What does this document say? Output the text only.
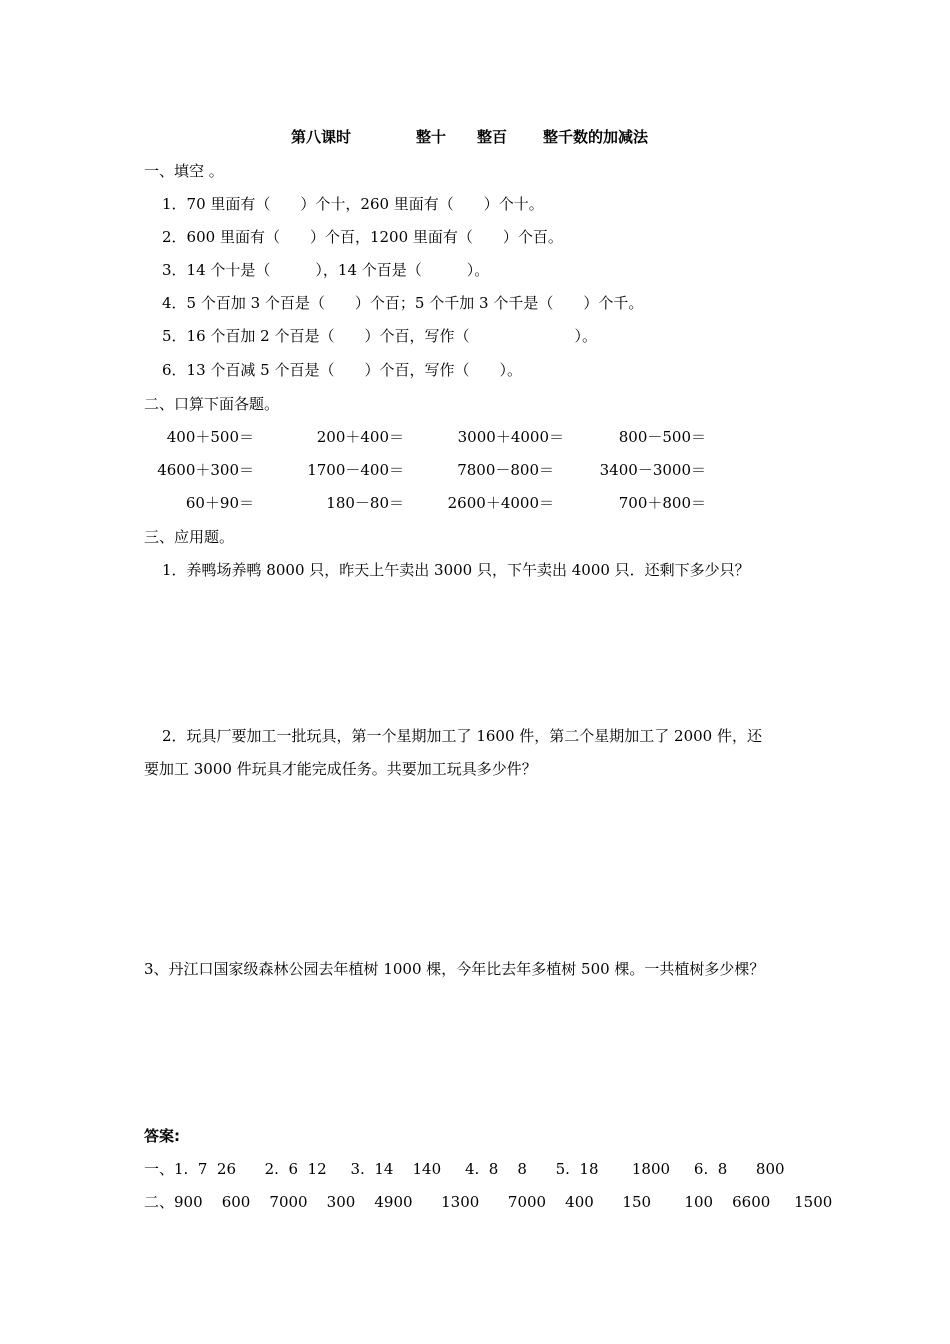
第八课时	整十 整百 整千数的加减法
一、填空 。
1．70 里面有（　　）个十，260 里面有（　　）个十。
2．600 里面有（　　）个百，1200 里面有（　　）个百。
3．14 个十是（　　　），14 个百是（　　　）。
4．5 个百加 3 个百是（　　）个百；5 个千加 3 个千是（　　）个千。
5．16 个百加 2 个百是（　　）个百，写作（　　　　　　　）。
6．13 个百减 5 个百是（　　）个百，写作（　　）。
二、口算下面各题。
400＋500＝	200＋400＝	3000＋4000＝	800－500＝
4600＋300＝	1700－400＝	7800－800＝	3400－3000＝
60＋90＝	180－80＝	2600＋4000＝	700＋800＝
三、应用题。
1．养鸭场养鸭 8000 只，昨天上午卖出 3000 只，下午卖出 4000 只．还剩下多少只？
2．玩具厂要加工一批玩具，第一个星期加工了 1600 件，第二个星期加工了 2000 件，还
要加工 3000 件玩具才能完成任务。共要加工玩具多少件？
3、丹江口国家级森林公园去年植树 1000 棵，今年比去年多植树 500 棵。一共植树多少棵？
答案:
一、1.  7  26      2.  6  12     3.  14    140     4.  8    8      5.  18       1800     6.  8      800
二、900    600    7000    300    4900      1300      7000    400      150       100    6600     1500
